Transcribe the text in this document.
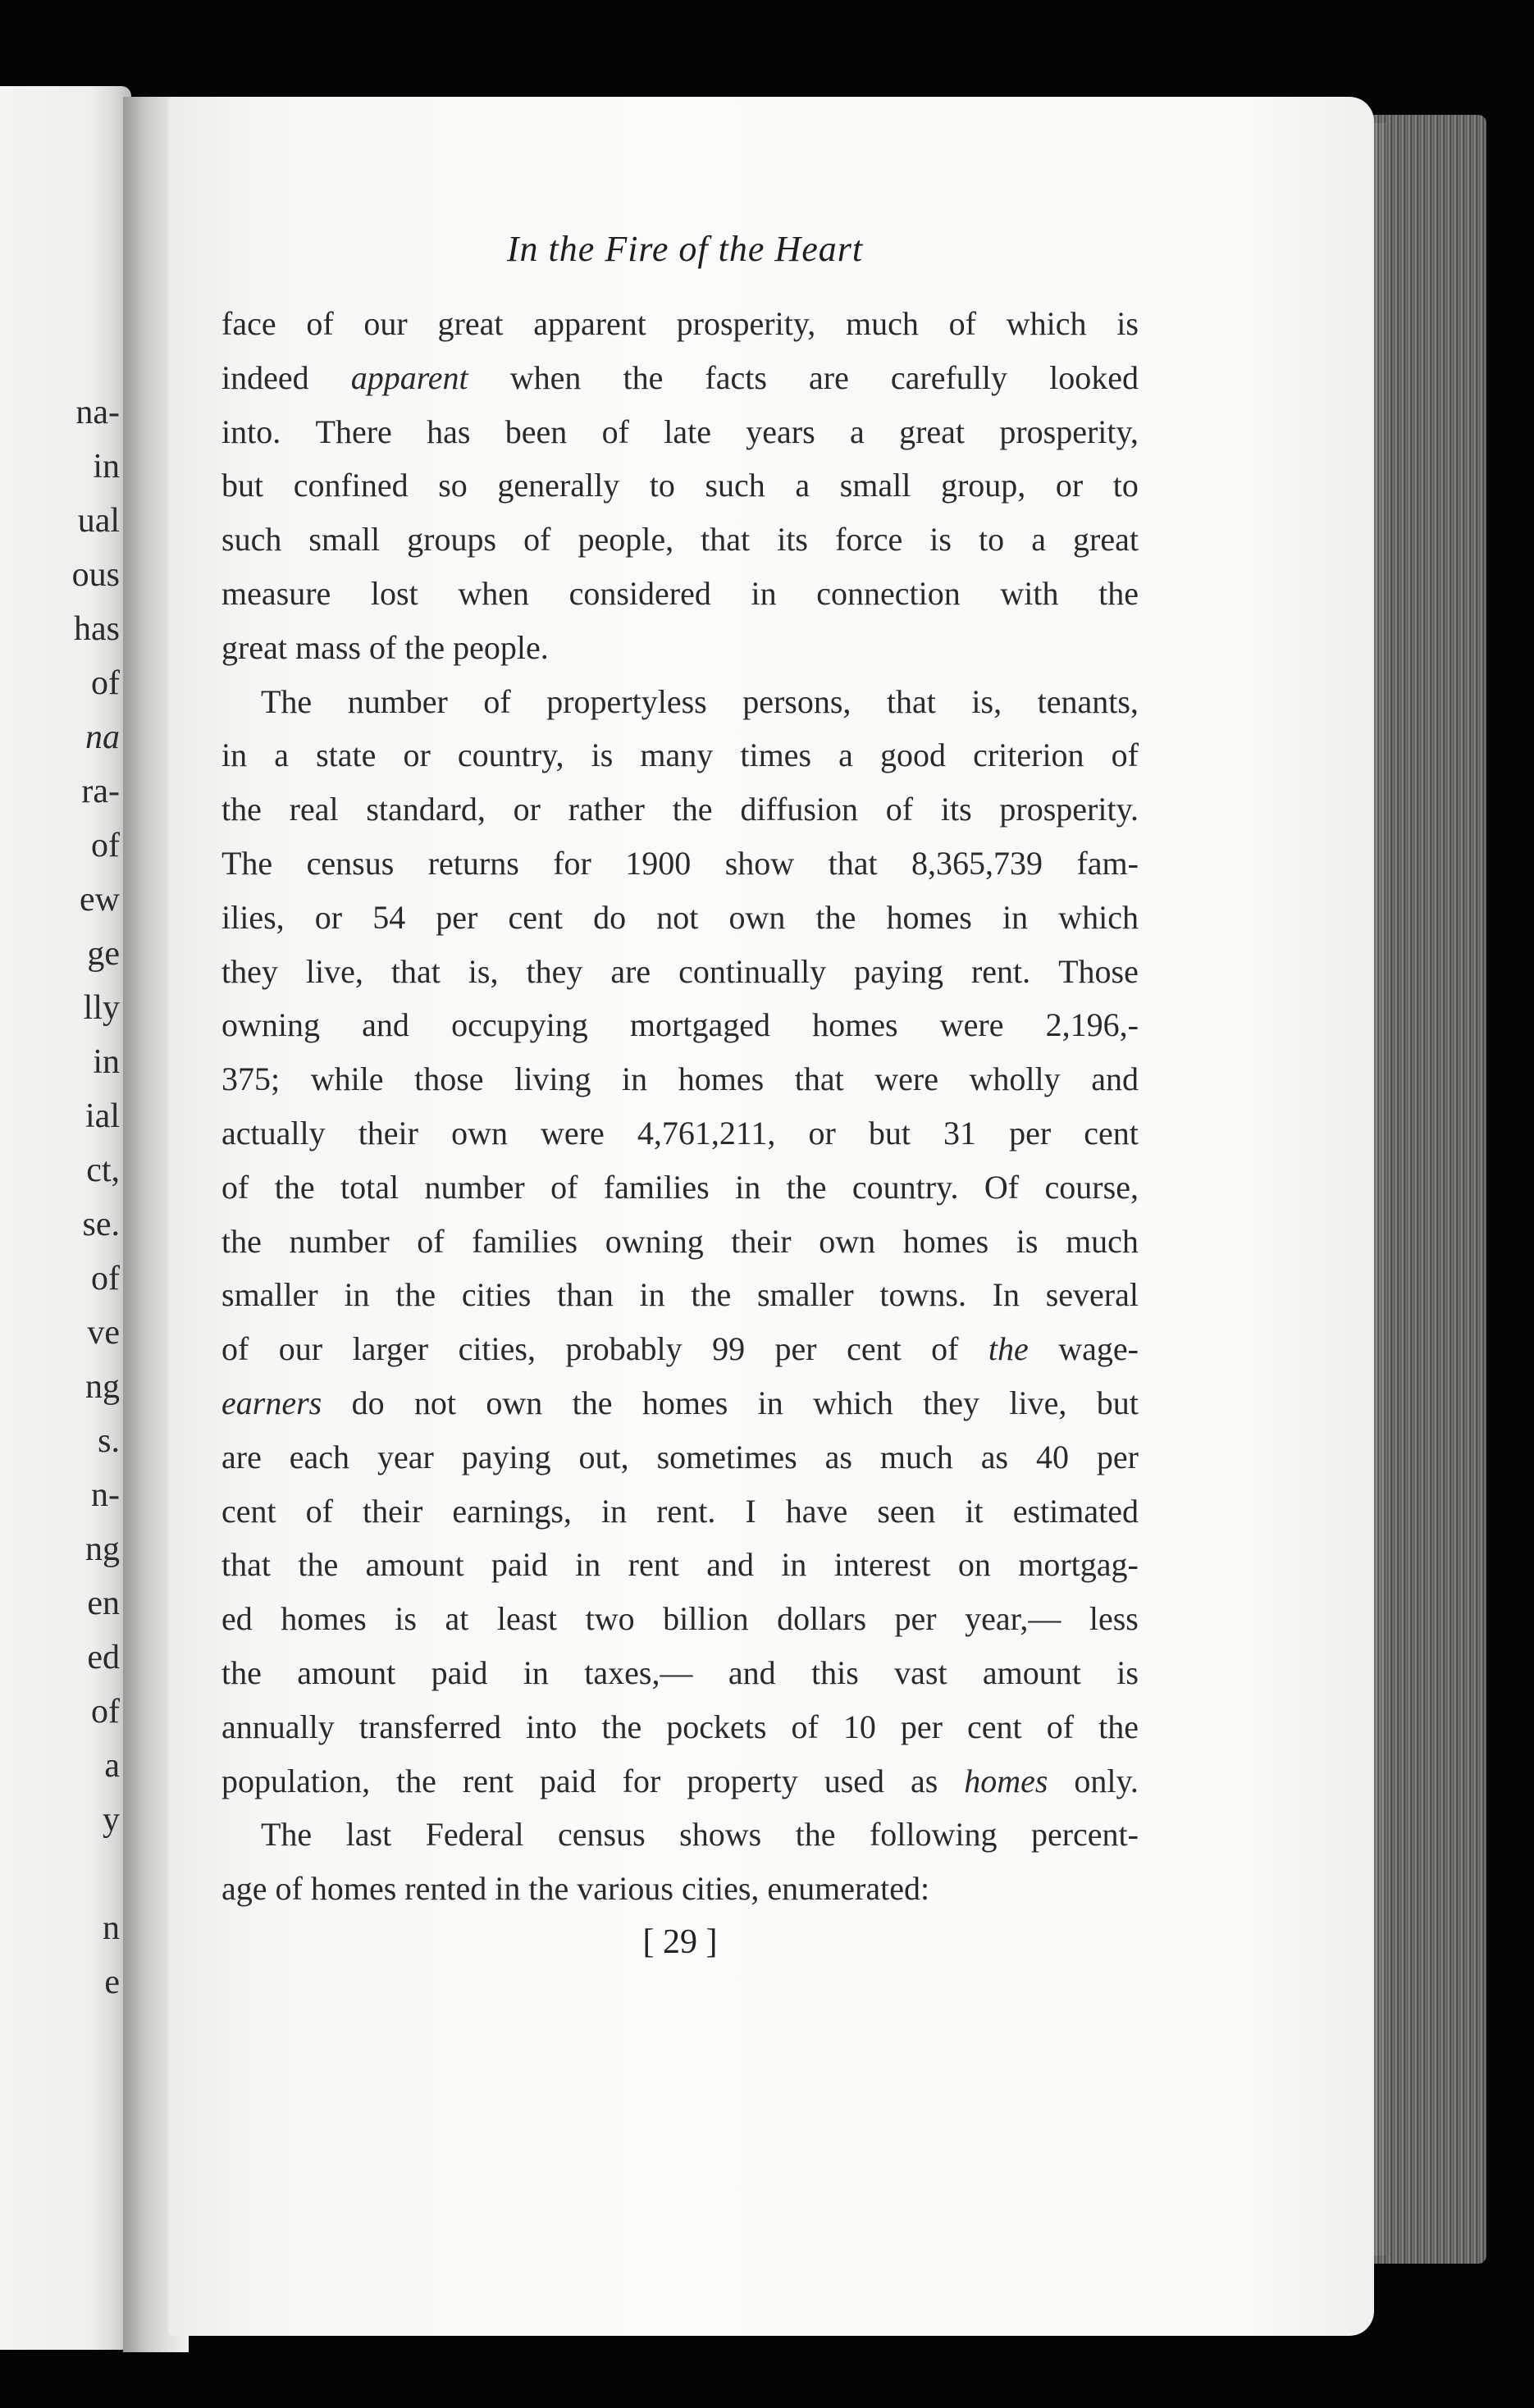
na-
in
ual
ous
has
of
na
ra-
of
ew
ge
lly
in
ial
ct,
se.
of
ve
ng
s.
n-
ng
en
ed
of
a
y
n
e
In the Fire of the Heart
face of our great apparent prosperity, much of which is
indeed apparent when the facts are carefully looked
into. There has been of late years a great prosperity,
but confined so generally to such a small group, or to
such small groups of people, that its force is to a great
measure lost when considered in connection with the
great
mass
of
the
people.
The number of propertyless persons, that is, tenants,
in a state or country, is many times a good criterion of
the real standard, or rather the diffusion of its prosperity.
The census returns for 1900 show that 8,365,739 fam-
ilies, or 54 per cent do not own the homes in which
they live, that is, they are continually paying rent. Those
owning and occupying mortgaged homes were 2,196,-
375; while those living in homes that were wholly and
actually their own were 4,761,211, or but 31 per cent
of the total number of families in the country. Of course,
the number of families owning their own homes is much
smaller in the cities than in the smaller towns. In several
of our larger cities, probably 99 per cent of the wage-
earners do not own the homes in which they live, but
are each year paying out, sometimes as much as 40 per
cent of their earnings, in rent. I have seen it estimated
that the amount paid in rent and in interest on mortgag-
ed homes is at least two billion dollars per year,— less
the amount paid in taxes,— and this vast amount is
annually transferred into the pockets of 10 per cent of the
population, the rent paid for property used as homes only.
The last Federal census shows the following percent-
age
of
homes
rented
in
the
various
cities,
enumerated:
[ 29 ]
